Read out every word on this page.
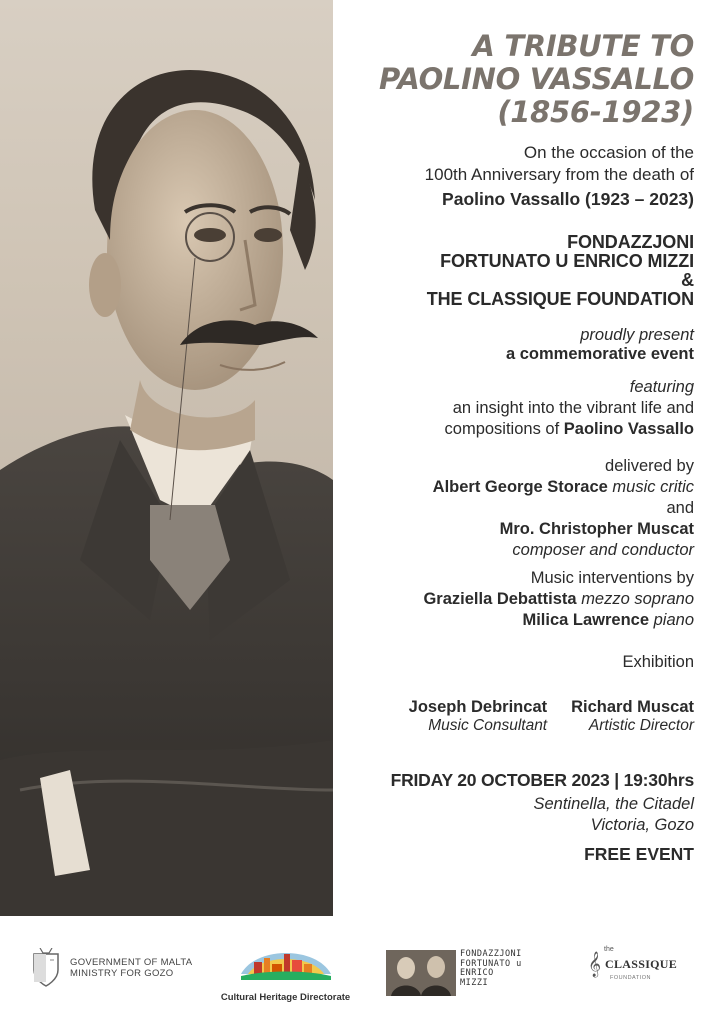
A TRIBUTE TO
PAOLINO VASSALLO
(1856-1923)
On the occasion of the
100th Anniversary from the death of
Paolino Vassallo (1923 – 2023)
FONDAZZJONI
FORTUNATO U ENRICO MIZZI
&
THE CLASSIQUE FOUNDATION
proudly present
a commemorative event
featuring
an insight into the vibrant life and
compositions of Paolino Vassallo
delivered by
Albert George Storace music critic
and
Mro. Christopher Muscat
composer and conductor
Music interventions by
Graziella Debattista mezzo soprano
Milica Lawrence piano
Exhibition
Joseph Debrincat
Music Consultant
Richard Muscat
Artistic Director
FRIDAY 20 OCTOBER 2023 | 19:30hrs
Sentinella, the Citadel
Victoria, Gozo
FREE EVENT
GOVERNMENT OF MALTA
MINISTRY FOR GOZO
Cultural Heritage Directorate
FONDAZZJONI
FORTUNATO u
ENRICO
MIZZI
the
𝄞 CLASSIQUE
FOUNDATION
